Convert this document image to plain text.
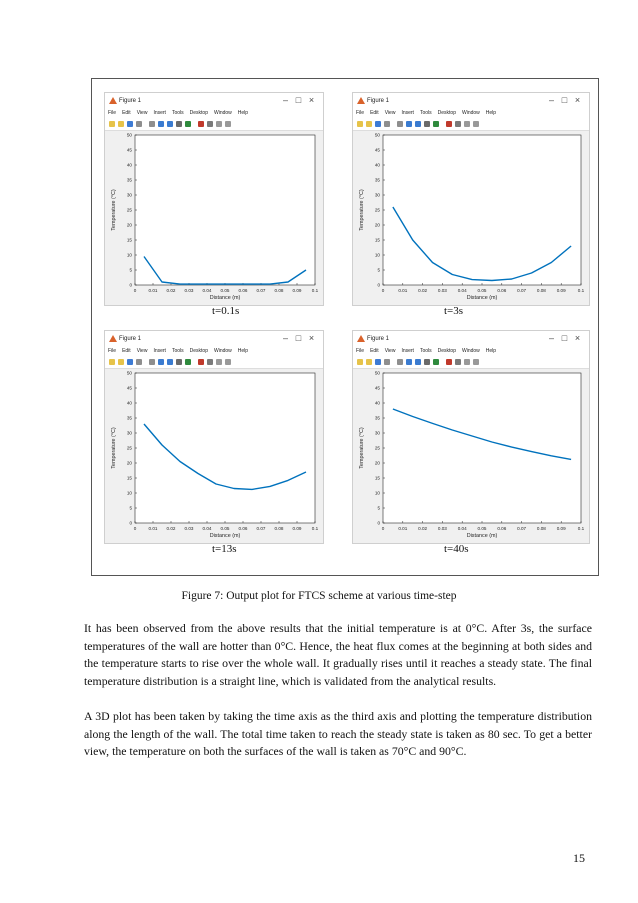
Figure 1	– □ ×
File Edit View Insert Tools Desktop Window Help
0
5
10
15
20
25
30
35
40
45
50
0	0.01 0.02 0.03 0.04 0.05 0.06 0.07 0.08 0.09 0.1
Distance (m)
Temperature (°C)
Figure 1	– □ ×
File Edit View Insert Tools Desktop Window Help
0
5
10
15
20
25
30
35
40
45
50
0	0.01 0.02 0.03 0.04 0.05 0.06 0.07 0.08 0.09	0.1
Distance (m)
Temperature (°C)
Figure 1	– □ ×
File Edit View Insert Tools Desktop Window Help
0
5
10
15
20
25
30
35
40
45
50
0	0.01 0.02 0.03 0.04 0.05 0.06 0.07 0.08 0.09 0.1
Distance (m)
Temperature (°C)
Figure 1	– □ ×
File Edit View Insert Tools Desktop Window Help
0
5
10
15
20
25
30
35
40
45
50
0	0.01 0.02 0.03 0.04 0.05 0.06 0.07 0.08 0.09	0.1
Distance (m)
Temperature (°C)
t=0.1s	t=3s
t=13s	t=40s
Figure 7: Output plot for FTCS scheme at various time-step

It has been observed from the above results that the initial temperature is at 0°C. After 3s, the surface temperatures of the wall are hotter than 0°C. Hence, the heat flux comes at the beginning at both sides and the temperature starts to rise over the whole wall. It gradually rises until it reaches a steady state. The final temperature distribution is a straight line, which is validated from the analytical results.

A 3D plot has been taken by taking the time axis as the third axis and plotting the temperature distribution along the length of the wall. The total time taken to reach the steady state is taken as 80 sec. To get a better view, the temperature on both the surfaces of the wall is taken as 70°C and 90°C.

15
